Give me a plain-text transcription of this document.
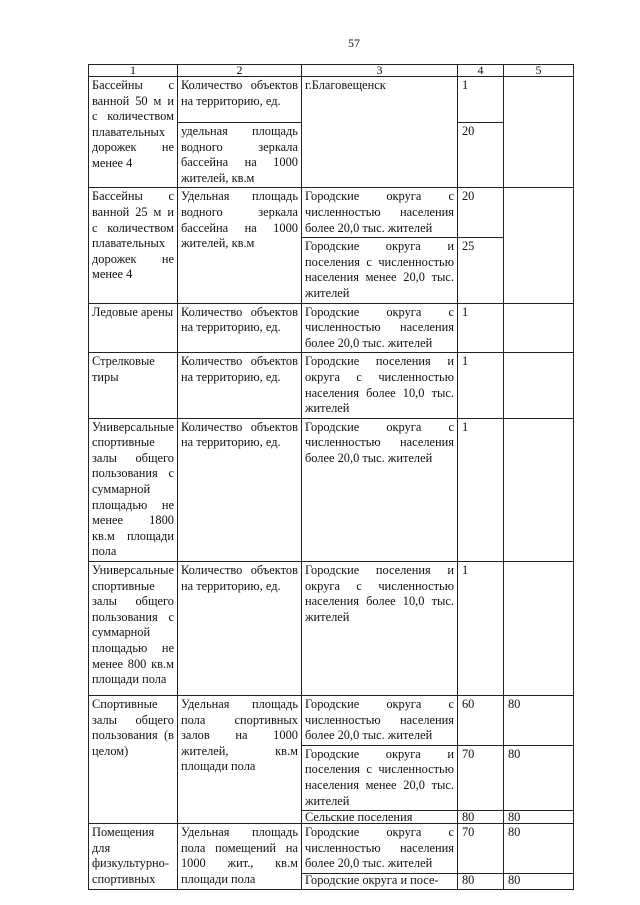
57
1	2	3	4	5
Бассейны с ванной 50 м и с количеством плавательных дорожек не менее 4	Количество объектов на территорию, ед.	г.Благовещенск	1	
	удельная площадь водного зеркала бассейна на 1000 жителей, кв.м		20	
Бассейны с ванной 25 м и с количеством плавательных дорожек не менее 4	Удельная площадь водного зеркала бассейна на 1000 жителей, кв.м	Городские округа с численностью населения более 20,0 тыс. жителей	20	
		Городские округа и поселения с численностью населения менее 20,0 тыс. жителей	25	
Ледовые арены	Количество объектов на территорию, ед.	Городские округа с численностью населения более 20,0 тыс. жителей	1	
Стрелковые тиры	Количество объектов на территорию, ед.	Городские поселения и округа с численностью населения более 10,0 тыс. жителей	1	
Универсальные спортивные залы общего пользования с суммарной площадью не менее 1800 кв.м площади пола	Количество объектов на территорию, ед.	Городские округа с численностью населения более 20,0 тыс. жителей	1	
Универсальные спортивные залы общего пользования с суммарной площадью не менее 800 кв.м площади пола	Количество объектов на территорию, ед.	Городские поселения и округа с численностью населения более 10,0 тыс. жителей	1	
Спортивные залы общего пользования (в целом)	Удельная площадь пола спортивных залов на 1000 жителей, кв.м площади пола	Городские округа с численностью населения более 20,0 тыс. жителей	60	80
		Городские округа и поселения с численностью населения менее 20,0 тыс. жителей	70	80
		Сельские поселения	80	80
Помещения для физкультурно-спортивных	Удельная площадь пола помещений на 1000 жит., кв.м площади пола	Городские округа с численностью населения более 20,0 тыс. жителей	70	80
		Городские округа и посе-	80	80
